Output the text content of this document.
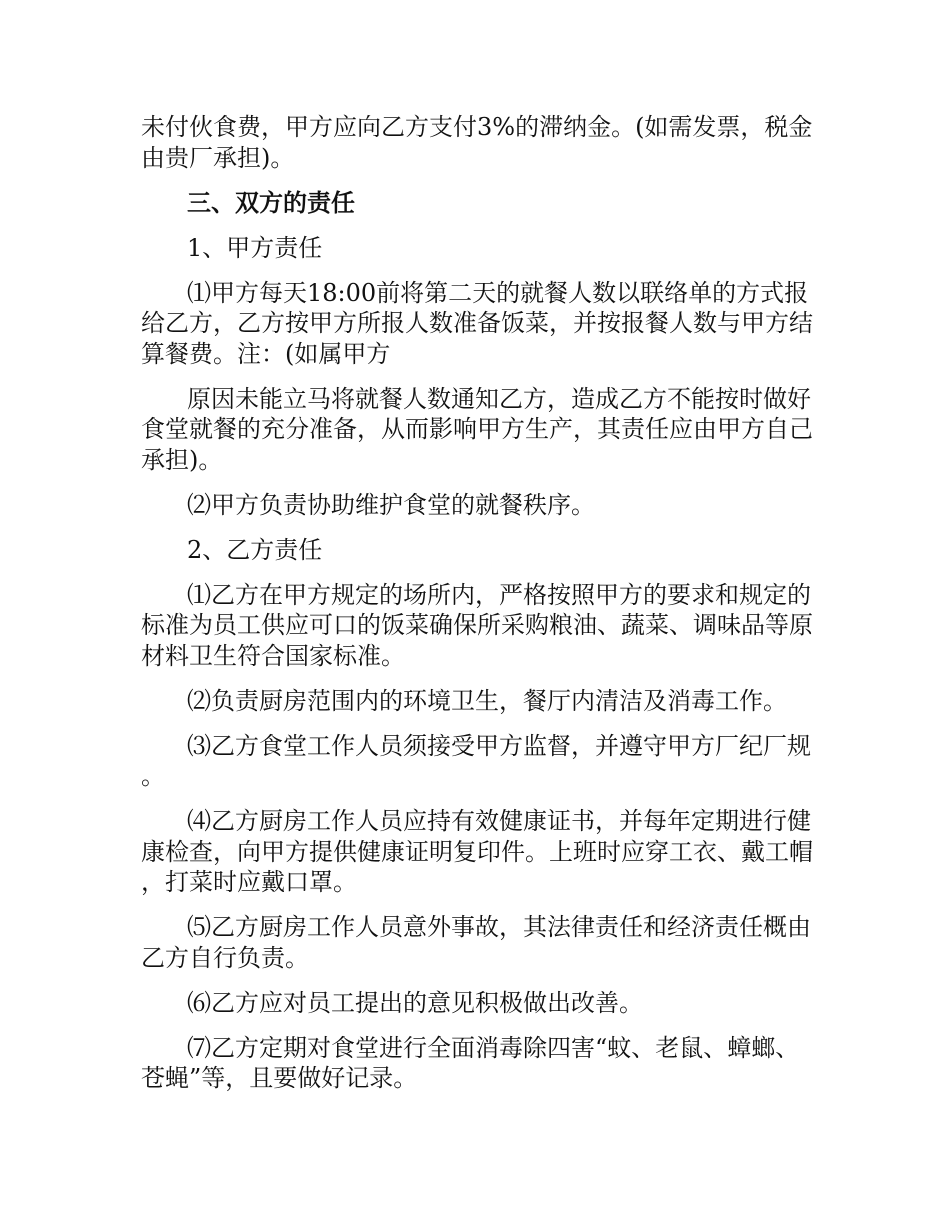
未付伙食费，甲方应向乙方支付3%的滞纳金。(如需发票，税金由贵厂承担)。

三、双方的责任

1、甲方责任

⑴甲方每天18:00前将第二天的就餐人数以联络单的方式报给乙方，乙方按甲方所报人数准备饭菜，并按报餐人数与甲方结算餐费。注：(如属甲方

原因未能立马将就餐人数通知乙方，造成乙方不能按时做好食堂就餐的充分准备，从而影响甲方生产，其责任应由甲方自己承担)。

⑵甲方负责协助维护食堂的就餐秩序。

2、乙方责任

⑴乙方在甲方规定的场所内，严格按照甲方的要求和规定的标准为员工供应可口的饭菜确保所采购粮油、蔬菜、调味品等原材料卫生符合国家标准。

⑵负责厨房范围内的环境卫生，餐厅内清洁及消毒工作。

⑶乙方食堂工作人员须接受甲方监督，并遵守甲方厂纪厂规。

⑷乙方厨房工作人员应持有效健康证书，并每年定期进行健康检查，向甲方提供健康证明复印件。上班时应穿工衣、戴工帽，打菜时应戴口罩。

⑸乙方厨房工作人员意外事故，其法律责任和经济责任概由乙方自行负责。

⑹乙方应对员工提出的意见积极做出改善。

⑺乙方定期对食堂进行全面消毒除四害“蚊、老鼠、蟑螂、苍蝇”等，且要做好记录。
